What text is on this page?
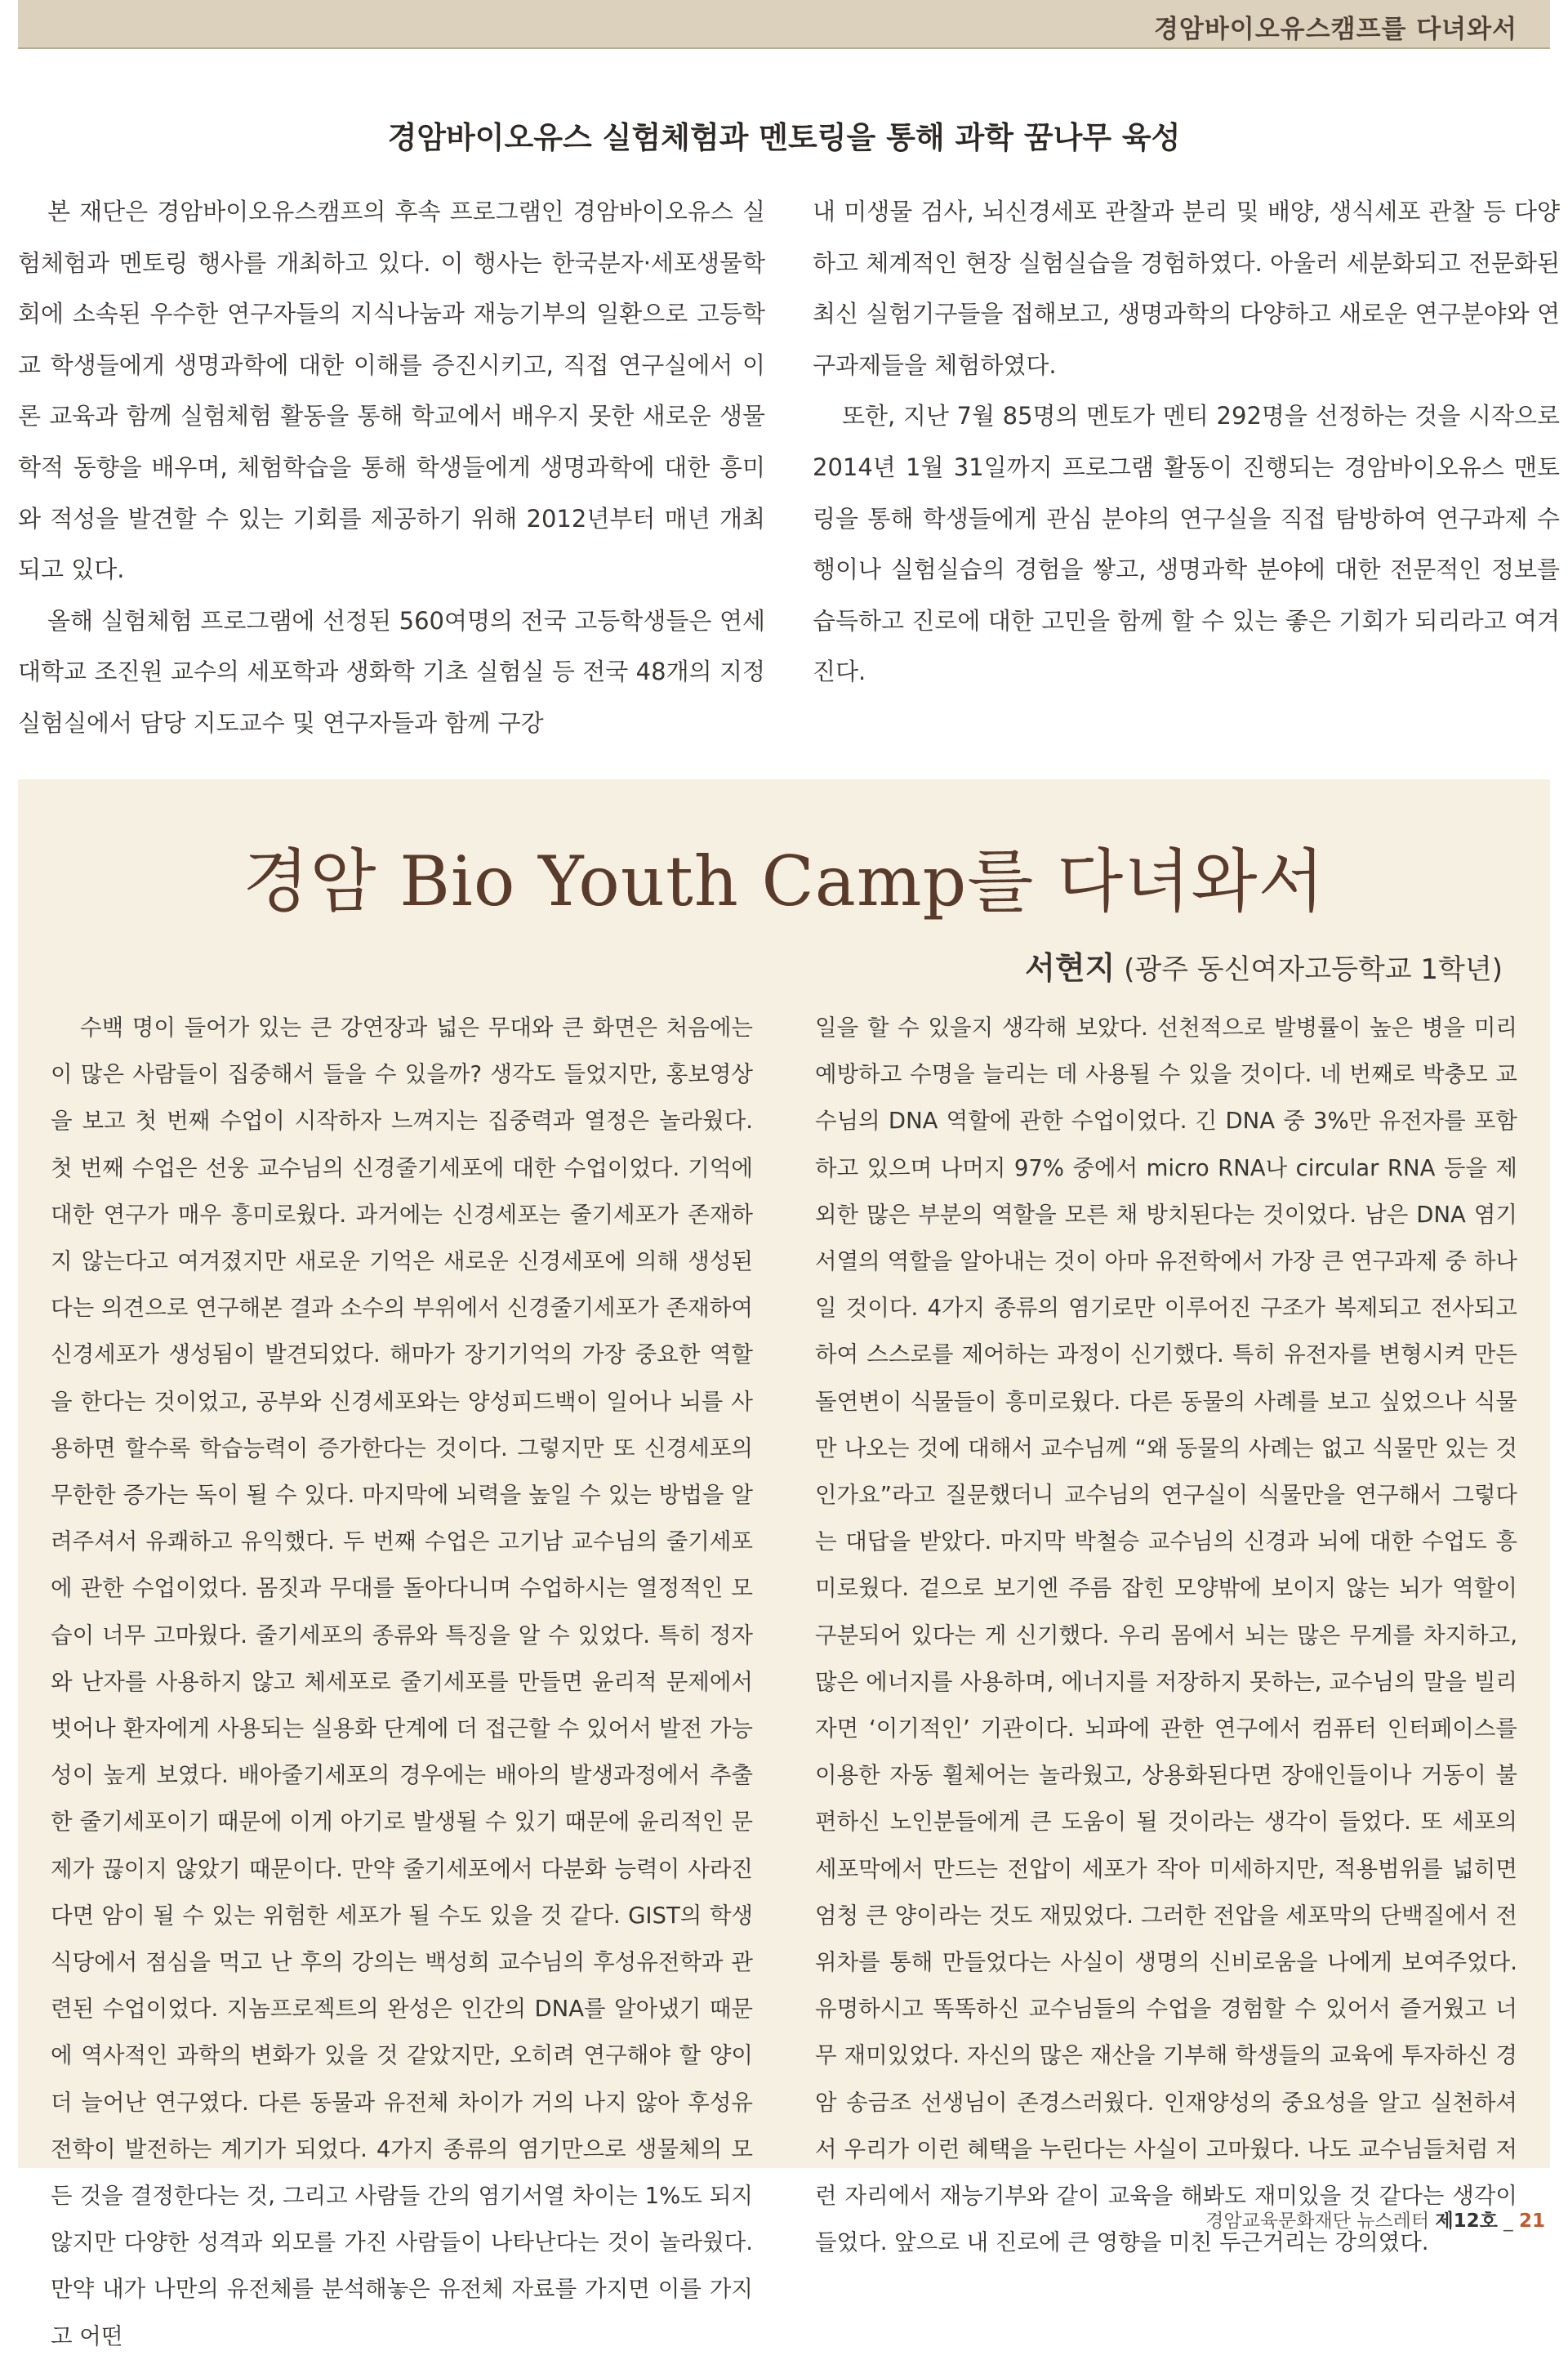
경암바이오유스캠프를 다녀와서
경암바이오유스 실험체험과 멘토링을 통해 과학 꿈나무 육성

본 재단은 경암바이오유스캠프의 후속 프로그램인 경암바이오유스 실험체험과 멘토링 행사를 개최하고 있다. 이 행사는 한국분자·세포생물학회에 소속된 우수한 연구자들의 지식나눔과 재능기부의 일환으로 고등학교 학생들에게 생명과학에 대한 이해를 증진시키고, 직접 연구실에서 이론 교육과 함께 실험체험 활동을 통해 학교에서 배우지 못한 새로운 생물학적 동향을 배우며, 체험학습을 통해 학생들에게 생명과학에 대한 흥미와 적성을 발견할 수 있는 기회를 제공하기 위해 2012년부터 매년 개최되고 있다.

올해 실험체험 프로그램에 선정된 560여명의 전국 고등학생들은 연세대학교 조진원 교수의 세포학과 생화학 기초 실험실 등 전국 48개의 지정 실험실에서 담당 지도교수 및 연구자들과 함께 구강

내 미생물 검사, 뇌신경세포 관찰과 분리 및 배양, 생식세포 관찰 등 다양하고 체계적인 현장 실험실습을 경험하였다. 아울러 세분화되고 전문화된 최신 실험기구들을 접해보고, 생명과학의 다양하고 새로운 연구분야와 연구과제들을 체험하였다.

또한, 지난 7월 85명의 멘토가 멘티 292명을 선정하는 것을 시작으로 2014년 1월 31일까지 프로그램 활동이 진행되는 경암바이오유스 맨토링을 통해 학생들에게 관심 분야의 연구실을 직접 탐방하여 연구과제 수행이나 실험실습의 경험을 쌓고, 생명과학 분야에 대한 전문적인 정보를 습득하고 진로에 대한 고민을 함께 할 수 있는 좋은 기회가 되리라고 여겨진다.

경암 Bio Youth Camp를 다녀와서
서현지 (광주 동신여자고등학교 1학년)

수백 명이 들어가 있는 큰 강연장과 넓은 무대와 큰 화면은 처음에는 이 많은 사람들이 집중해서 들을 수 있을까? 생각도 들었지만, 홍보영상을 보고 첫 번째 수업이 시작하자 느껴지는 집중력과 열정은 놀라웠다. 첫 번째 수업은 선웅 교수님의 신경줄기세포에 대한 수업이었다. 기억에 대한 연구가 매우 흥미로웠다. 과거에는 신경세포는 줄기세포가 존재하지 않는다고 여겨졌지만 새로운 기억은 새로운 신경세포에 의해 생성된다는 의견으로 연구해본 결과 소수의 부위에서 신경줄기세포가 존재하여 신경세포가 생성됨이 발견되었다. 해마가 장기기억의 가장 중요한 역할을 한다는 것이었고, 공부와 신경세포와는 양성피드백이 일어나 뇌를 사용하면 할수록 학습능력이 증가한다는 것이다. 그렇지만 또 신경세포의 무한한 증가는 독이 될 수 있다. 마지막에 뇌력을 높일 수 있는 방법을 알려주셔서 유쾌하고 유익했다. 두 번째 수업은 고기남 교수님의 줄기세포에 관한 수업이었다. 몸짓과 무대를 돌아다니며 수업하시는 열정적인 모습이 너무 고마웠다. 줄기세포의 종류와 특징을 알 수 있었다. 특히 정자와 난자를 사용하지 않고 체세포로 줄기세포를 만들면 윤리적 문제에서 벗어나 환자에게 사용되는 실용화 단계에 더 접근할 수 있어서 발전 가능성이 높게 보였다. 배아줄기세포의 경우에는 배아의 발생과정에서 추출한 줄기세포이기 때문에 이게 아기로 발생될 수 있기 때문에 윤리적인 문제가 끊이지 않았기 때문이다. 만약 줄기세포에서 다분화 능력이 사라진다면 암이 될 수 있는 위험한 세포가 될 수도 있을 것 같다. GIST의 학생식당에서 점심을 먹고 난 후의 강의는 백성희 교수님의 후성유전학과 관련된 수업이었다. 지놈프로젝트의 완성은 인간의 DNA를 알아냈기 때문에 역사적인 과학의 변화가 있을 것 같았지만, 오히려 연구해야 할 양이 더 늘어난 연구였다. 다른 동물과 유전체 차이가 거의 나지 않아 후성유전학이 발전하는 계기가 되었다. 4가지 종류의 염기만으로 생물체의 모든 것을 결정한다는 것, 그리고 사람들 간의 염기서열 차이는 1%도 되지 않지만 다양한 성격과 외모를 가진 사람들이 나타난다는 것이 놀라웠다. 만약 내가 나만의 유전체를 분석해놓은 유전체 자료를 가지면 이를 가지고 어떤

일을 할 수 있을지 생각해 보았다. 선천적으로 발병률이 높은 병을 미리 예방하고 수명을 늘리는 데 사용될 수 있을 것이다. 네 번째로 박충모 교수님의 DNA 역할에 관한 수업이었다. 긴 DNA 중 3%만 유전자를 포함하고 있으며 나머지 97% 중에서 micro RNA나 circular RNA 등을 제외한 많은 부분의 역할을 모른 채 방치된다는 것이었다. 남은 DNA 염기서열의 역할을 알아내는 것이 아마 유전학에서 가장 큰 연구과제 중 하나일 것이다. 4가지 종류의 염기로만 이루어진 구조가 복제되고 전사되고 하여 스스로를 제어하는 과정이 신기했다. 특히 유전자를 변형시켜 만든 돌연변이 식물들이 흥미로웠다. 다른 동물의 사례를 보고 싶었으나 식물만 나오는 것에 대해서 교수님께 “왜 동물의 사례는 없고 식물만 있는 것인가요”라고 질문했더니 교수님의 연구실이 식물만을 연구해서 그렇다는 대답을 받았다. 마지막 박철승 교수님의 신경과 뇌에 대한 수업도 흥미로웠다. 겉으로 보기엔 주름 잡힌 모양밖에 보이지 않는 뇌가 역할이 구분되어 있다는 게 신기했다. 우리 몸에서 뇌는 많은 무게를 차지하고, 많은 에너지를 사용하며, 에너지를 저장하지 못하는, 교수님의 말을 빌리자면 ‘이기적인’ 기관이다. 뇌파에 관한 연구에서 컴퓨터 인터페이스를 이용한 자동 휠체어는 놀라웠고, 상용화된다면 장애인들이나 거동이 불편하신 노인분들에게 큰 도움이 될 것이라는 생각이 들었다. 또 세포의 세포막에서 만드는 전압이 세포가 작아 미세하지만, 적용범위를 넓히면 엄청 큰 양이라는 것도 재밌었다. 그러한 전압을 세포막의 단백질에서 전위차를 통해 만들었다는 사실이 생명의 신비로움을 나에게 보여주었다. 유명하시고 똑똑하신 교수님들의 수업을 경험할 수 있어서 즐거웠고 너무 재미있었다. 자신의 많은 재산을 기부해 학생들의 교육에 투자하신 경암 송금조 선생님이 존경스러웠다. 인재양성의 중요성을 알고 실천하셔서 우리가 이런 혜택을 누린다는 사실이 고마웠다. 나도 교수님들처럼 저런 자리에서 재능기부와 같이 교육을 해봐도 재미있을 것 같다는 생각이 들었다. 앞으로 내 진로에 큰 영향을 미친 두근거리는 강의였다.

경암교육문화재단 뉴스레터 제12호 _ 21
